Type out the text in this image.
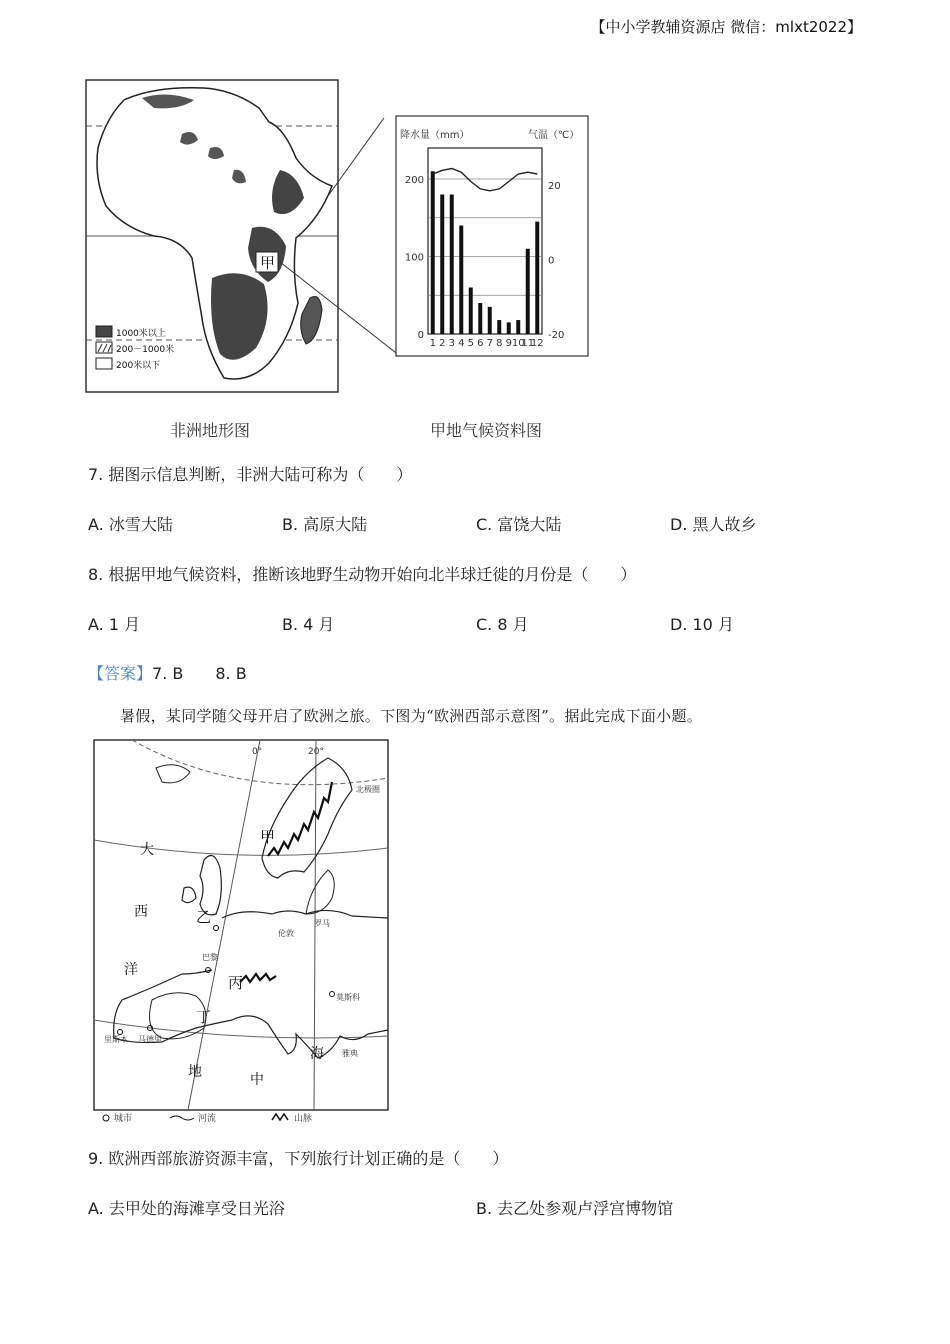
【中小学教辅资源店 微信：mlxt2022】
甲
1000米以上
200－1000米
200米以下
降水量（mm）	气温（℃）
0
100
200
20
0
-20
1 2 3 4 5 6 7 8 9 10
11
12
非洲地形图	甲地气候资料图
7. 据图示信息判断，非洲大陆可称为（　　）
A. 冰雪大陆	B. 高原大陆	C. 富饶大陆	D. 黑人故乡
8. 根据甲地气候资料，推断该地野生动物开始向北半球迁徙的月份是（　　）
A. 1 月	B. 4 月	C. 8 月	D. 10 月
【答案】7. B　　8. B
暑假，某同学随父母开启了欧洲之旅。下图为“欧洲西部示意图”。据此完成下面小题。
甲
乙
丙
丁
大
西
洋
地	中
海
0°	20°
北极圈
巴黎
伦敦
里斯本 马德里
莫斯科
罗马
雅典
城市	河流	山脉
9. 欧洲西部旅游资源丰富，下列旅行计划正确的是（　　）
A. 去甲处的海滩享受日光浴	B. 去乙处参观卢浮宫博物馆
